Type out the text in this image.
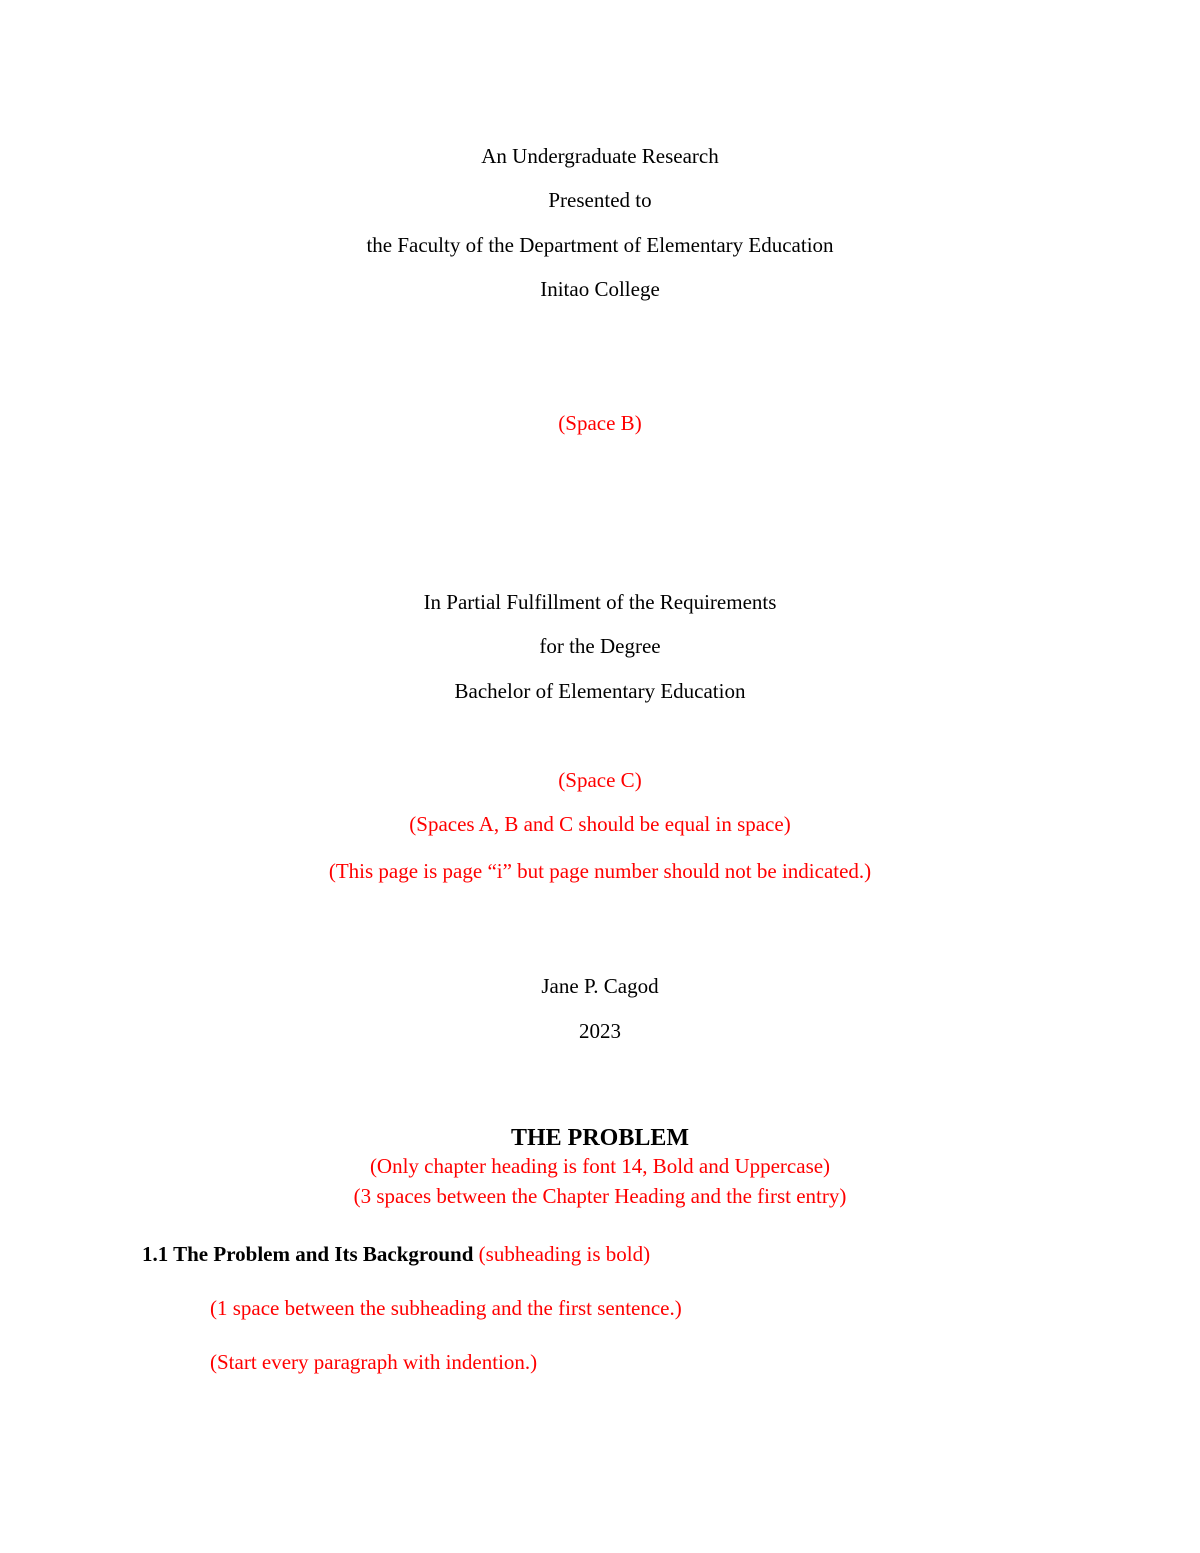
An Undergraduate Research
Presented to
the Faculty of the Department of Elementary Education
Initao College
(Space B)
In Partial Fulfillment of the Requirements
for the Degree
Bachelor of Elementary Education
(Space C)
(Spaces A, B and C should be equal in space)
(This page is page “i” but page number should not be indicated.)
Jane P. Cagod
2023
THE PROBLEM
(Only chapter heading is font 14, Bold and Uppercase)
(3 spaces between the Chapter Heading and the first entry)
1.1 The Problem and Its Background (subheading is bold)
(1 space between the subheading and the first sentence.)
(Start every paragraph with indention.)
